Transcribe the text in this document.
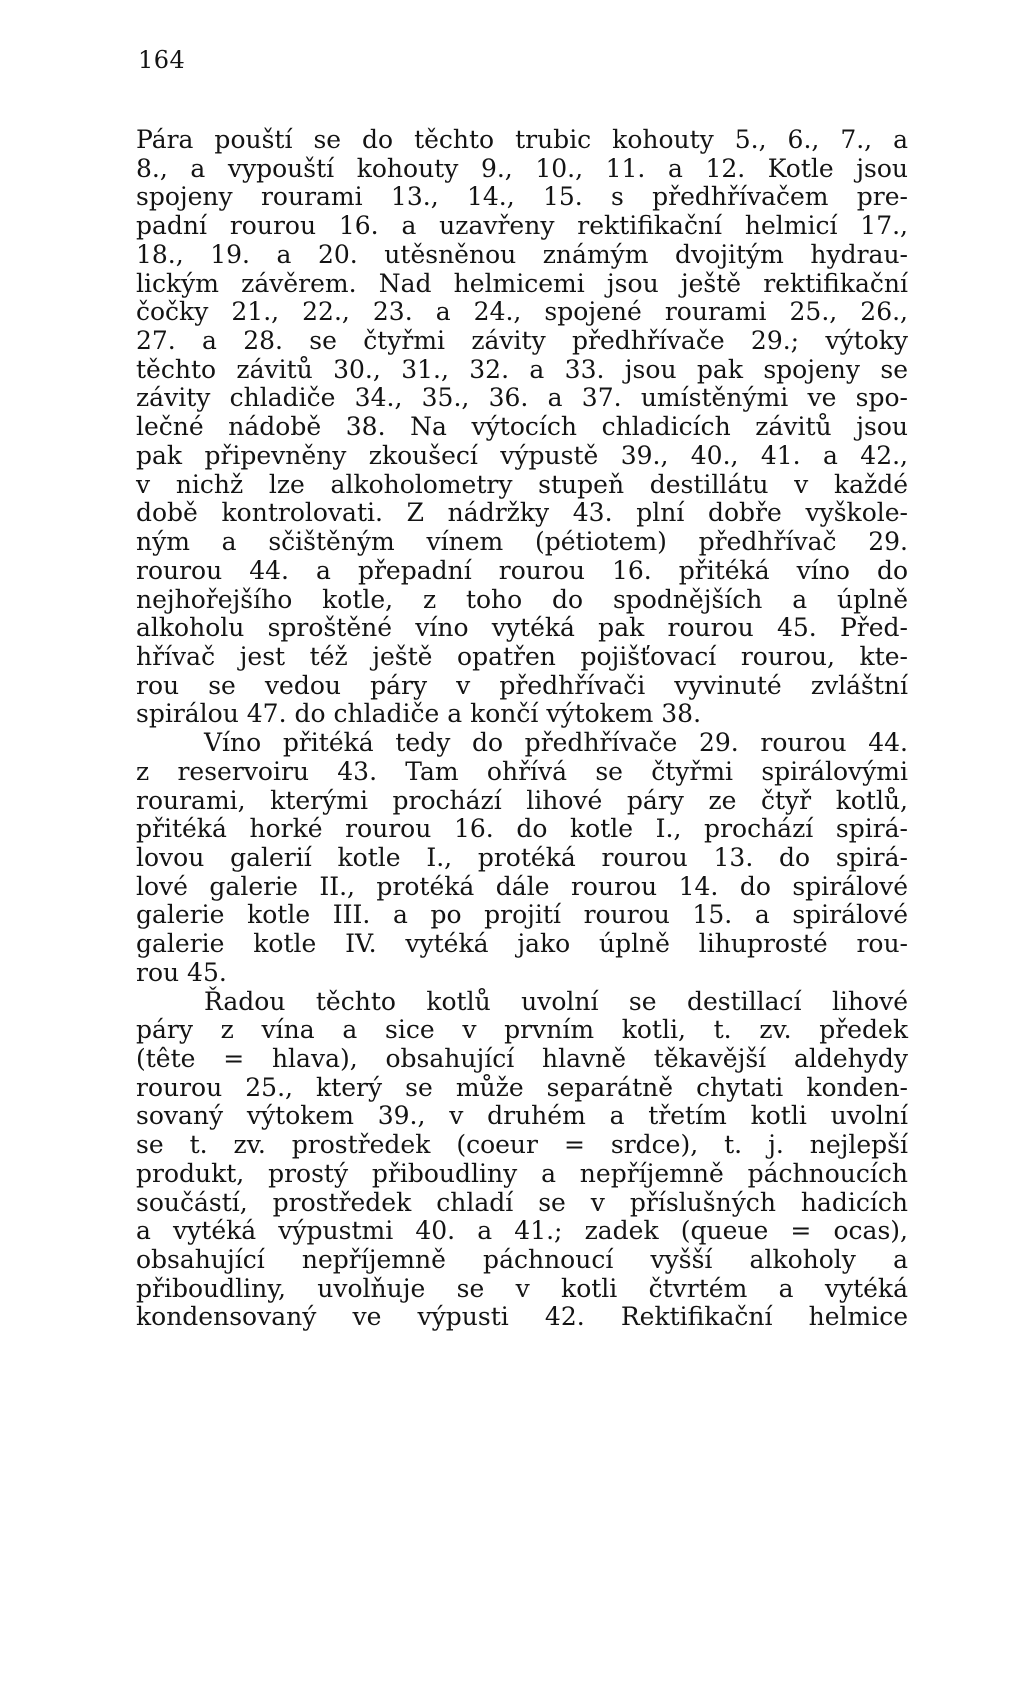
164
Pára pouští se do těchto trubic kohouty 5., 6., 7., a
8., a vypouští kohouty 9., 10., 11. a 12. Kotle jsou
spojeny rourami 13., 14., 15. s předhřívačem pre-
padní rourou 16. a uzavřeny rektifikační helmicí 17.,
18., 19. a 20. utěsněnou známým dvojitým hydrau-
lickým závěrem. Nad helmicemi jsou ještě rektifikační
čočky 21., 22., 23. a 24., spojené rourami 25., 26.,
27. a 28. se čtyřmi závity předhřívače 29.; výtoky
těchto závitů 30., 31., 32. a 33. jsou pak spojeny se
závity chladiče 34., 35., 36. a 37. umístěnými ve spo-
lečné nádobě 38. Na výtocích chladicích závitů jsou
pak připevněny zkoušecí výpustě 39., 40., 41. a 42.,
v nichž lze alkoholometry stupeň destillátu v každé
době kontrolovati. Z nádržky 43. plní dobře vyškole-
ným a sčištěným vínem (pétiotem) předhřívač 29.
rourou 44. a přepadní rourou 16. přitéká víno do
nejhořejšího kotle, z toho do spodnějších a úplně
alkoholu sproštěné víno vytéká pak rourou 45. Před-
hřívač jest též ještě opatřen pojišťovací rourou, kte-
rou se vedou páry v předhřívači vyvinuté zvláštní
spirálou 47. do chladiče a končí výtokem 38.
Víno přitéká tedy do předhřívače 29. rourou 44.
z reservoiru 43. Tam ohřívá se čtyřmi spirálovými
rourami, kterými prochází lihové páry ze čtyř kotlů,
přitéká horké rourou 16. do kotle I., prochází spirá-
lovou galerií kotle I., protéká rourou 13. do spirá-
lové galerie II., protéká dále rourou 14. do spirálové
galerie kotle III. a po projití rourou 15. a spirálové
galerie kotle IV. vytéká jako úplně lihuprosté rou-
rou 45.
Řadou těchto kotlů uvolní se destillací lihové
páry z vína a sice v prvním kotli, t. zv. předek
(tête = hlava), obsahující hlavně těkavější aldehydy
rourou 25., který se může separátně chytati konden-
sovaný výtokem 39., v druhém a třetím kotli uvolní
se t. zv. prostředek (coeur = srdce), t. j. nejlepší
produkt, prostý přiboudliny a nepříjemně páchnoucích
součástí, prostředek chladí se v příslušných hadicích
a vytéká výpustmi 40. a 41.; zadek (queue = ocas),
obsahující nepříjemně páchnoucí vyšší alkoholy a
přiboudliny, uvolňuje se v kotli čtvrtém a vytéká
kondensovaný ve výpusti 42. Rektifikační helmice
